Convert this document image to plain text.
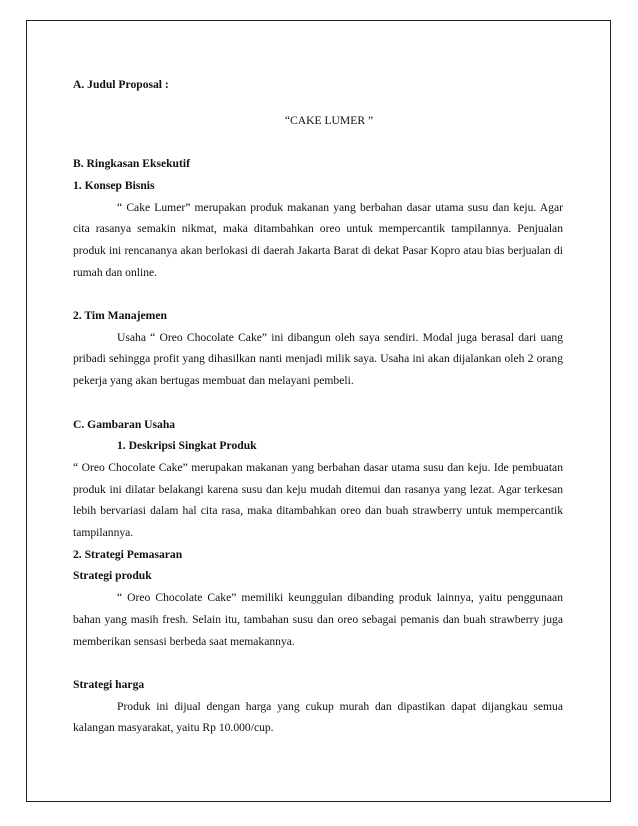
A. Judul Proposal :

“CAKE LUMER ”

B. Ringkasan Eksekutif

1. Konsep Bisnis

“ Cake Lumer” merupakan produk makanan yang berbahan dasar utama susu dan keju. Agar cita rasanya semakin nikmat, maka ditambahkan oreo untuk mempercantik tampilannya. Penjualan produk ini rencananya akan berlokasi di daerah Jakarta Barat di dekat Pasar Kopro atau bias berjualan di rumah dan online.

2. Tim Manajemen

Usaha “ Oreo Chocolate Cake” ini dibangun oleh saya sendiri. Modal juga berasal dari uang pribadi sehingga profit yang dihasilkan nanti menjadi milik saya. Usaha ini akan dijalankan oleh 2 orang pekerja yang akan bertugas membuat dan melayani pembeli.

C. Gambaran Usaha

1. Deskripsi Singkat Produk

“ Oreo Chocolate Cake” merupakan makanan yang berbahan dasar utama susu dan keju. Ide pembuatan produk ini dilatar belakangi karena susu dan keju mudah ditemui dan rasanya yang lezat. Agar terkesan lebih bervariasi dalam hal cita rasa, maka ditambahkan oreo dan buah strawberry untuk mempercantik tampilannya.

2. Strategi Pemasaran

Strategi produk

“ Oreo Chocolate Cake” memiliki keunggulan dibanding produk lainnya, yaitu penggunaan bahan yang masih fresh. Selain itu, tambahan susu dan oreo sebagai pemanis dan buah strawberry juga memberikan sensasi berbeda saat memakannya.

Strategi harga

Produk ini dijual dengan harga yang cukup murah dan dipastikan dapat dijangkau semua kalangan masyarakat, yaitu Rp 10.000/cup.
